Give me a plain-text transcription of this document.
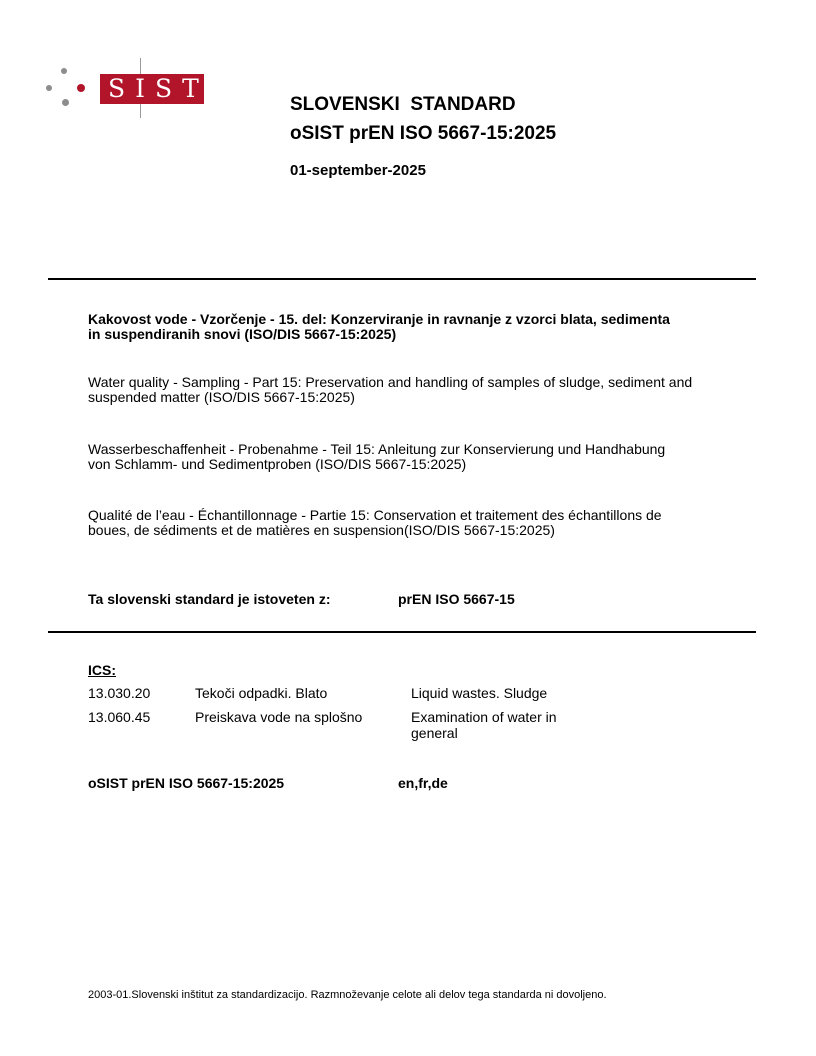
SIST
SLOVENSKI  STANDARD
oSIST prEN ISO 5667-15:2025
01-september-2025
Kakovost vode - Vzorčenje - 15. del: Konzerviranje in ravnanje z vzorci blata, sedimenta in suspendiranih snovi (ISO/DIS 5667-15:2025)
Water quality - Sampling - Part 15: Preservation and handling of samples of sludge, sediment and suspended matter (ISO/DIS 5667-15:2025)
Wasserbeschaffenheit - Probenahme - Teil 15: Anleitung zur Konservierung und Handhabung von Schlamm- und Sedimentproben (ISO/DIS 5667-15:2025)
Qualité de l’eau - Échantillonnage - Partie 15: Conservation et traitement des échantillons de boues, de sédiments et de matières en suspension(ISO/DIS 5667-15:2025)
Ta slovenski standard je istoveten z:	prEN ISO 5667-15
ICS:
13.030.20	Tekoči odpadki. Blato	Liquid wastes. Sludge
13.060.45	Preiskava vode na splošno	Examination of water in general
oSIST prEN ISO 5667-15:2025	en,fr,de
2003-01.Slovenski inštitut za standardizacijo. Razmnoževanje celote ali delov tega standarda ni dovoljeno.
